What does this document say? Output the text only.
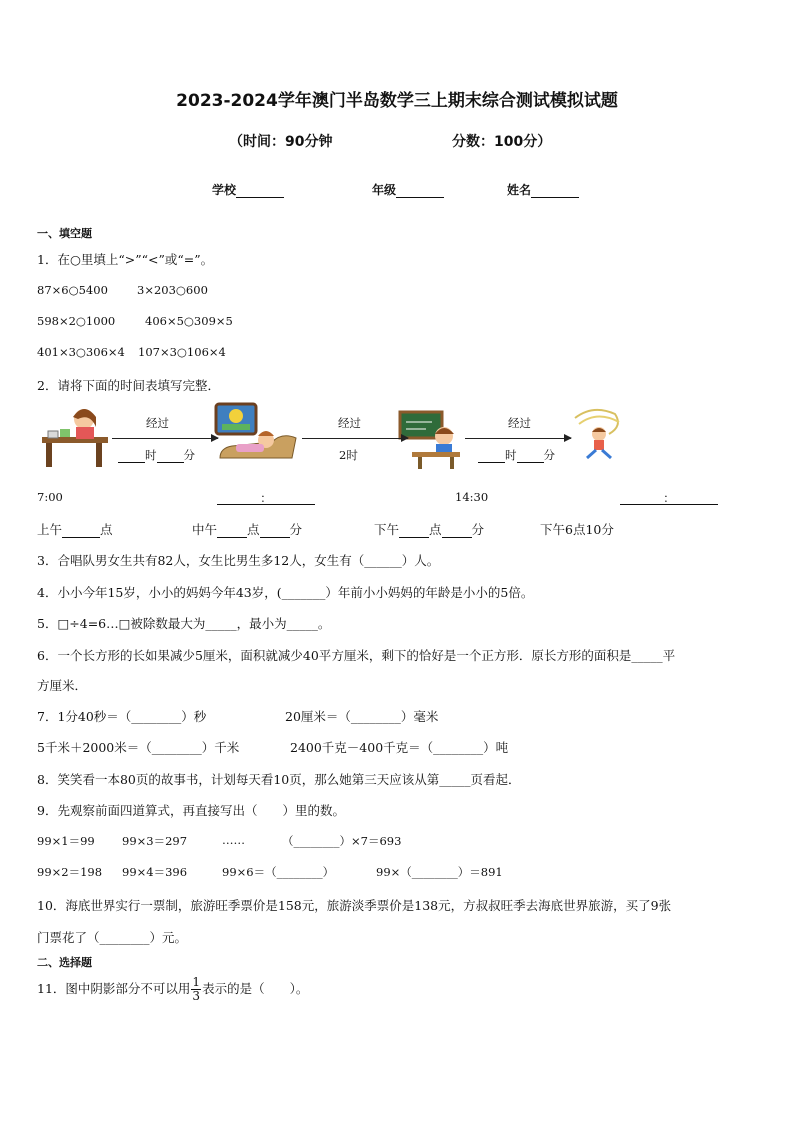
2023-2024学年澳门半岛数学三上期末综合测试模拟试题
（时间：90分钟	分数：100分）
学校	年级	姓名
一、填空题
1．在○里填上“>”“<”或“=”。
87×6○5400	3×203○600
598×2○1000	406×5○309×5
401×3○306×4 107×3○106×4
2．请将下面的时间表填写完整．
经过	经过	经过
时 分	2时	时 分
7:00	：	14:30	：
上午	点	中午 点 分	下午 点 分	下午6点10分
3．合唱队男女生共有82人，女生比男生多12人，女生有（______）人。
4．小小今年15岁，小小的妈妈今年43岁，(_______）年前小小妈妈的年龄是小小的5倍。
5．□÷4=6…□被除数最大为_____，最小为_____。
6．一个长方形的长如果减少5厘米，面积就减少40平方厘米，剩下的恰好是一个正方形．原长方形的面积是_____平
方厘米．
7．1分40秒＝（________）秒	20厘米＝（________）毫米
5千米＋2000米＝（________）千米	2400千克－400千克＝（________）吨
8．笑笑看一本80页的故事书，计划每天看10页，那么她第三天应该从第_____页看起．
9．先观察前面四道算式，再直接写出（　　）里的数。
99×1＝99 99×3＝297	……	（________）×7＝693
99×2＝198 99×4＝396	99×6＝（________）	99×（________）＝891
10．海底世界实行一票制，旅游旺季票价是158元，旅游淡季票价是138元，方叔叔旺季去海底世界旅游，买了9张
门票花了（________）元。
二、选择题
11．图中阴影部分不可以用 $\frac{1}{3}$ 表示的是（　　）。
